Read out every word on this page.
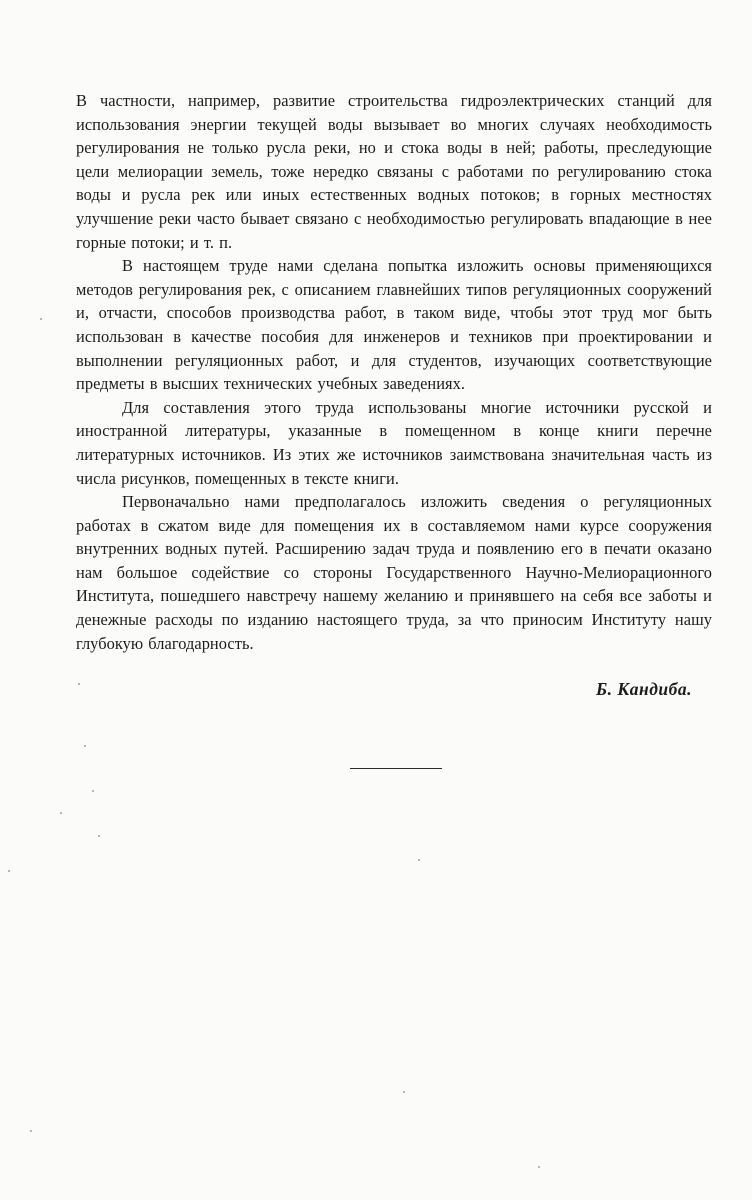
В частности, например, развитие строительства гидроэлектрических станций для использования энергии текущей воды вызывает во многих случаях необходимость регулирования не только русла реки, но и стока воды в ней; работы, преследующие цели мелиорации земель, тоже нередко связаны с работами по регулированию стока воды и русла рек или иных естественных водных потоков; в горных местностях улучшение реки часто бывает связано с необходимостью регулировать впадающие в нее горные потоки; и т. п.

В настоящем труде нами сделана попытка изложить основы применяющихся методов регулирования рек, с описанием главнейших типов регуляционных сооружений и, отчасти, способов производства работ, в таком виде, чтобы этот труд мог быть использован в качестве пособия для инженеров и техников при проектировании и выполнении регуляционных работ, и для студентов, изучающих соответствующие предметы в высших технических учебных заведениях.

Для составления этого труда использованы многие источники русской и иностранной литературы, указанные в помещенном в конце книги перечне литературных источников. Из этих же источников заимствована значительная часть из числа рисунков, помещенных в тексте книги.

Первоначально нами предполагалось изложить сведения о регуляционных работах в сжатом виде для помещения их в составляемом нами курсе сооружения внутренних водных путей. Расширению задач труда и появлению его в печати оказано нам большое содействие со стороны Государственного Научно-Мелиорационного Института, пошедшего навстречу нашему желанию и принявшего на себя все заботы и денежные расходы по изданию настоящего труда, за что приносим Институту нашу глубокую благодарность.

Б. Кандиба.
